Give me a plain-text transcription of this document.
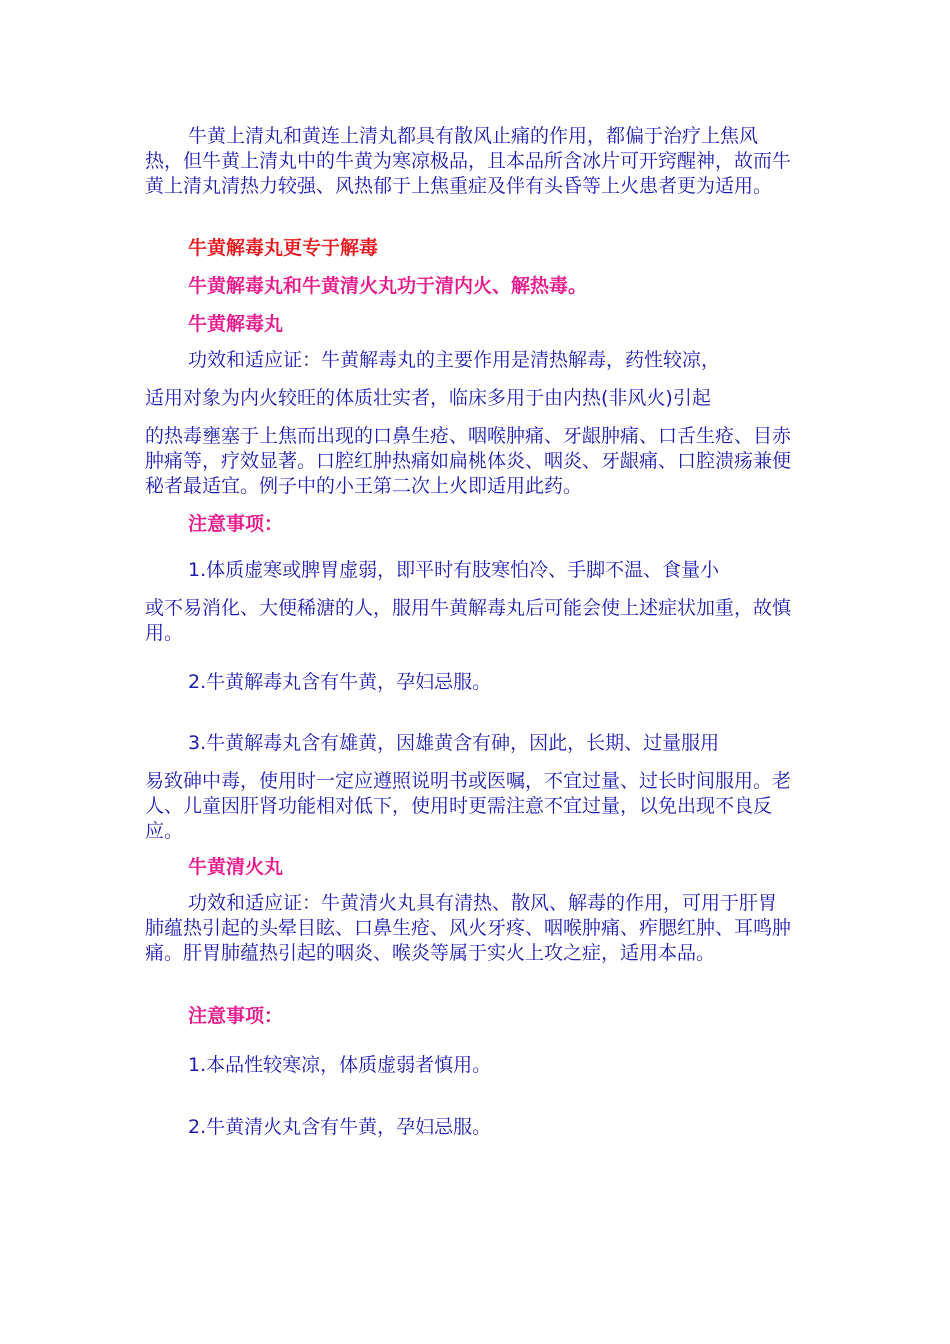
牛黄上清丸和黄连上清丸都具有散风止痛的作用，都偏于治疗上焦风热，但牛黄上清丸中的牛黄为寒凉极品，且本品所含冰片可开窍醒神，故而牛黄上清丸清热力较强、风热郁于上焦重症及伴有头昏等上火患者更为适用。

牛黄解毒丸更专于解毒

牛黄解毒丸和牛黄清火丸功于清内火、解热毒。

牛黄解毒丸

功效和适应证：牛黄解毒丸的主要作用是清热解毒，药性较凉，

适用对象为内火较旺的体质壮实者，临床多用于由内热(非风火)引起

的热毒壅塞于上焦而出现的口鼻生疮、咽喉肿痛、牙龈肿痛、口舌生疮、目赤肿痛等，疗效显著。口腔红肿热痛如扁桃体炎、咽炎、牙龈痛、口腔溃疡兼便秘者最适宜。例子中的小王第二次上火即适用此药。

注意事项：

1.体质虚寒或脾胃虚弱，即平时有肢寒怕冷、手脚不温、食量小

或不易消化、大便稀溏的人，服用牛黄解毒丸后可能会使上述症状加重，故慎用。

2.牛黄解毒丸含有牛黄，孕妇忌服。

3.牛黄解毒丸含有雄黄，因雄黄含有砷，因此，长期、过量服用

易致砷中毒，使用时一定应遵照说明书或医嘱，不宜过量、过长时间服用。老人、儿童因肝肾功能相对低下，使用时更需注意不宜过量，以免出现不良反应。

牛黄清火丸

功效和适应证：牛黄清火丸具有清热、散风、解毒的作用，可用于肝胃肺蕴热引起的头晕目眩、口鼻生疮、风火牙疼、咽喉肿痛、痄腮红肿、耳鸣肿痛。肝胃肺蕴热引起的咽炎、喉炎等属于实火上攻之症，适用本品。

注意事项：

1.本品性较寒凉，体质虚弱者慎用。

2.牛黄清火丸含有牛黄，孕妇忌服。
